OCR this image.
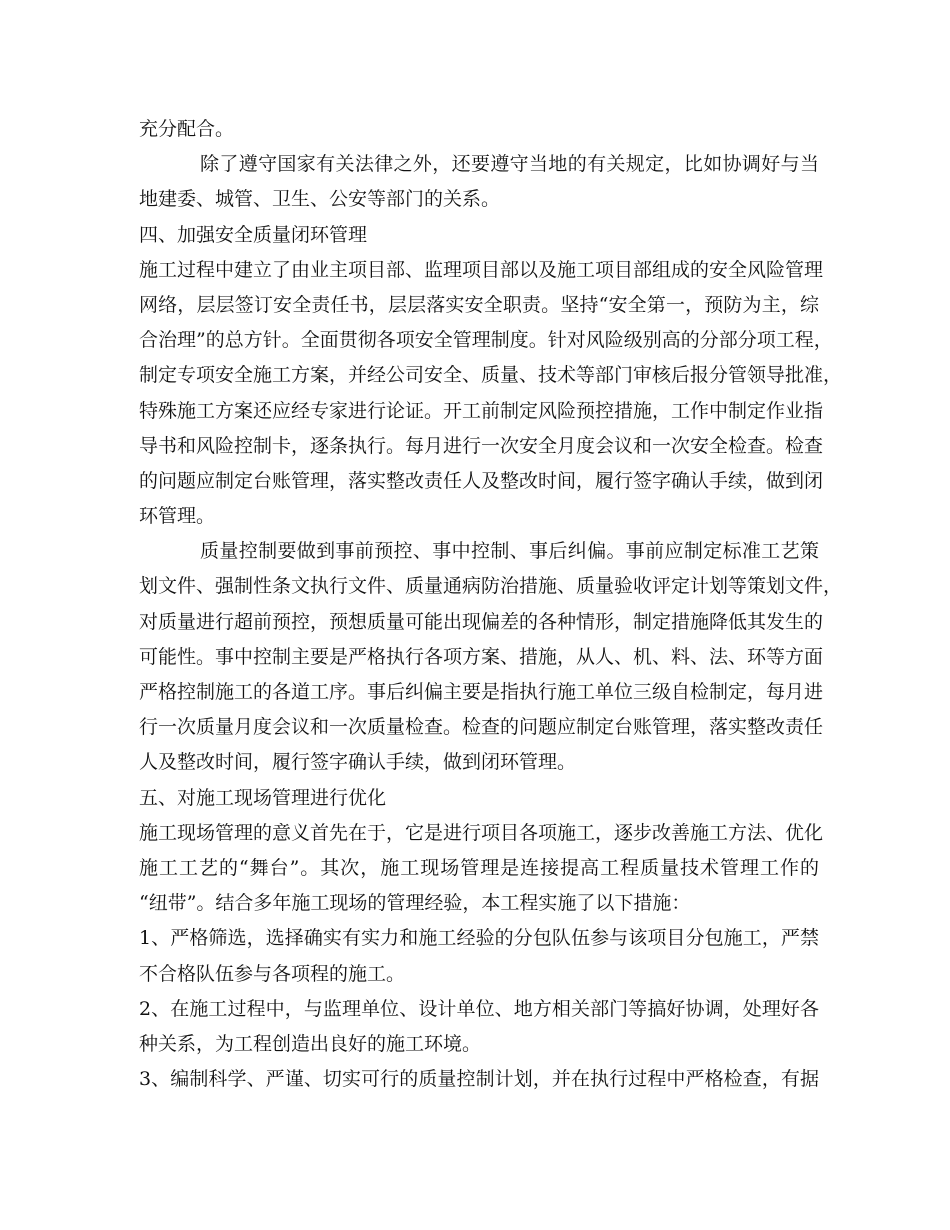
充分配合。
除了遵守国家有关法律之外，还要遵守当地的有关规定，比如协调好与当
地建委、城管、卫生、公安等部门的关系。
四、加强安全质量闭环管理
施工过程中建立了由业主项目部、监理项目部以及施工项目部组成的安全风险管理
网络，层层签订安全责任书，层层落实安全职责。坚持“安全第一，预防为主，综
合治理”的总方针。全面贯彻各项安全管理制度。针对风险级别高的分部分项工程，
制定专项安全施工方案，并经公司安全、质量、技术等部门审核后报分管领导批准，
特殊施工方案还应经专家进行论证。开工前制定风险预控措施，工作中制定作业指
导书和风险控制卡，逐条执行。每月进行一次安全月度会议和一次安全检查。检查
的问题应制定台账管理，落实整改责任人及整改时间，履行签字确认手续，做到闭
环管理。
质量控制要做到事前预控、事中控制、事后纠偏。事前应制定标准工艺策
划文件、强制性条文执行文件、质量通病防治措施、质量验收评定计划等策划文件，
对质量进行超前预控，预想质量可能出现偏差的各种情形，制定措施降低其发生的
可能性。事中控制主要是严格执行各项方案、措施，从人、机、料、法、环等方面
严格控制施工的各道工序。事后纠偏主要是指执行施工单位三级自检制定，每月进
行一次质量月度会议和一次质量检查。检查的问题应制定台账管理，落实整改责任
人及整改时间，履行签字确认手续，做到闭环管理。
五、对施工现场管理进行优化
施工现场管理的意义首先在于，它是进行项目各项施工，逐步改善施工方法、优化
施工工艺的“舞台”。其次，施工现场管理是连接提高工程质量技术管理工作的
“纽带”。结合多年施工现场的管理经验，本工程实施了以下措施：
1、严格筛选，选择确实有实力和施工经验的分包队伍参与该项目分包施工，严禁
不合格队伍参与各项程的施工。
2、在施工过程中，与监理单位、设计单位、地方相关部门等搞好协调，处理好各
种关系，为工程创造出良好的施工环境。
3、编制科学、严谨、切实可行的质量控制计划，并在执行过程中严格检查，有据
